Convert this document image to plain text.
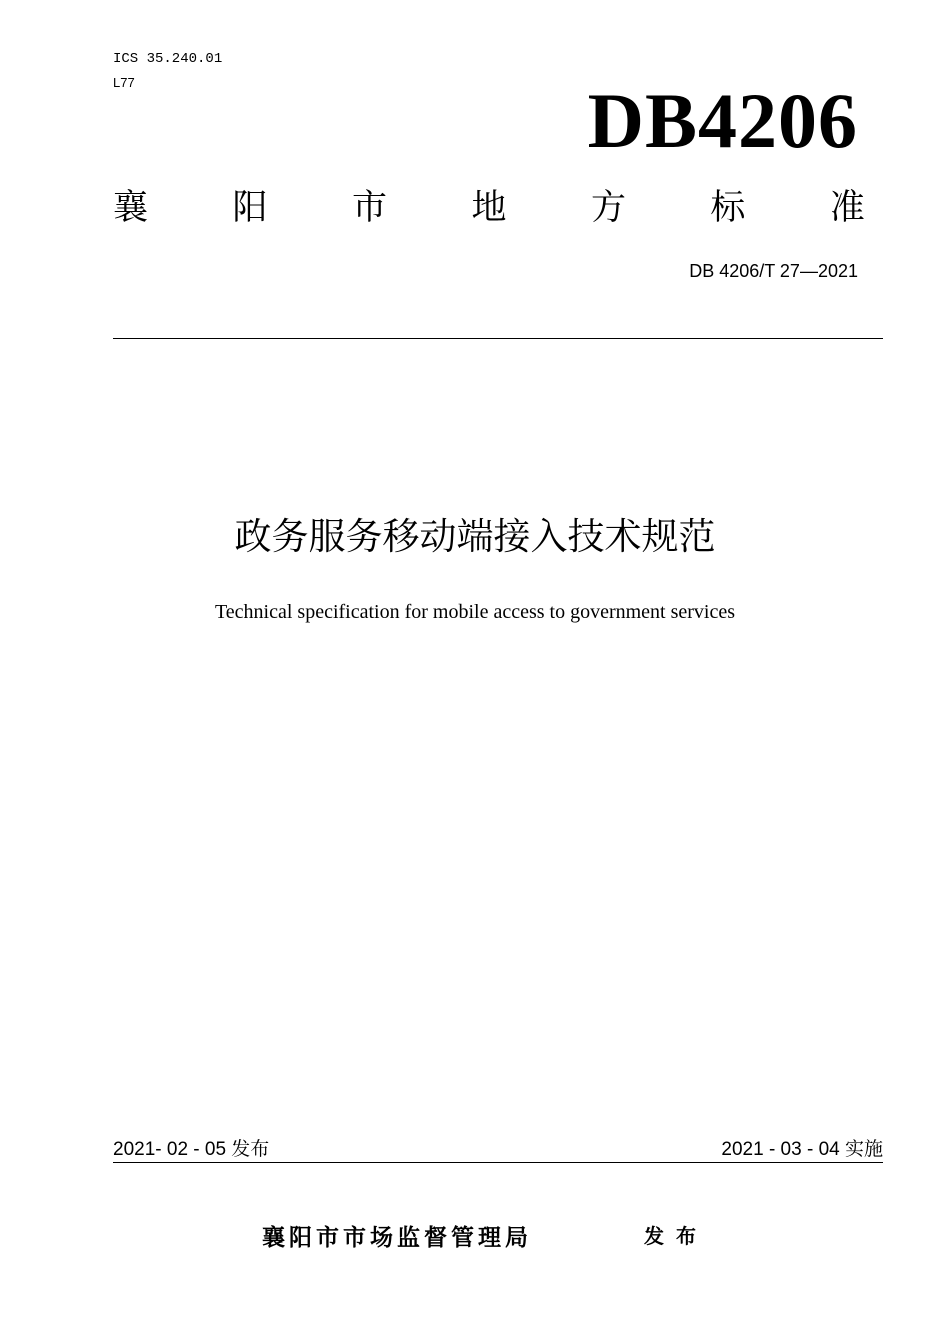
ICS 35.240.01
L77	DB4206
襄 阳 市 地 方 标 准
DB 4206/T 27—2021
政务服务移动端接入技术规范
Technical specification for mobile access to government services
2021- 02 - 05 发布	2021 - 03 - 04 实施
襄阳市市场监督管理局	发布
